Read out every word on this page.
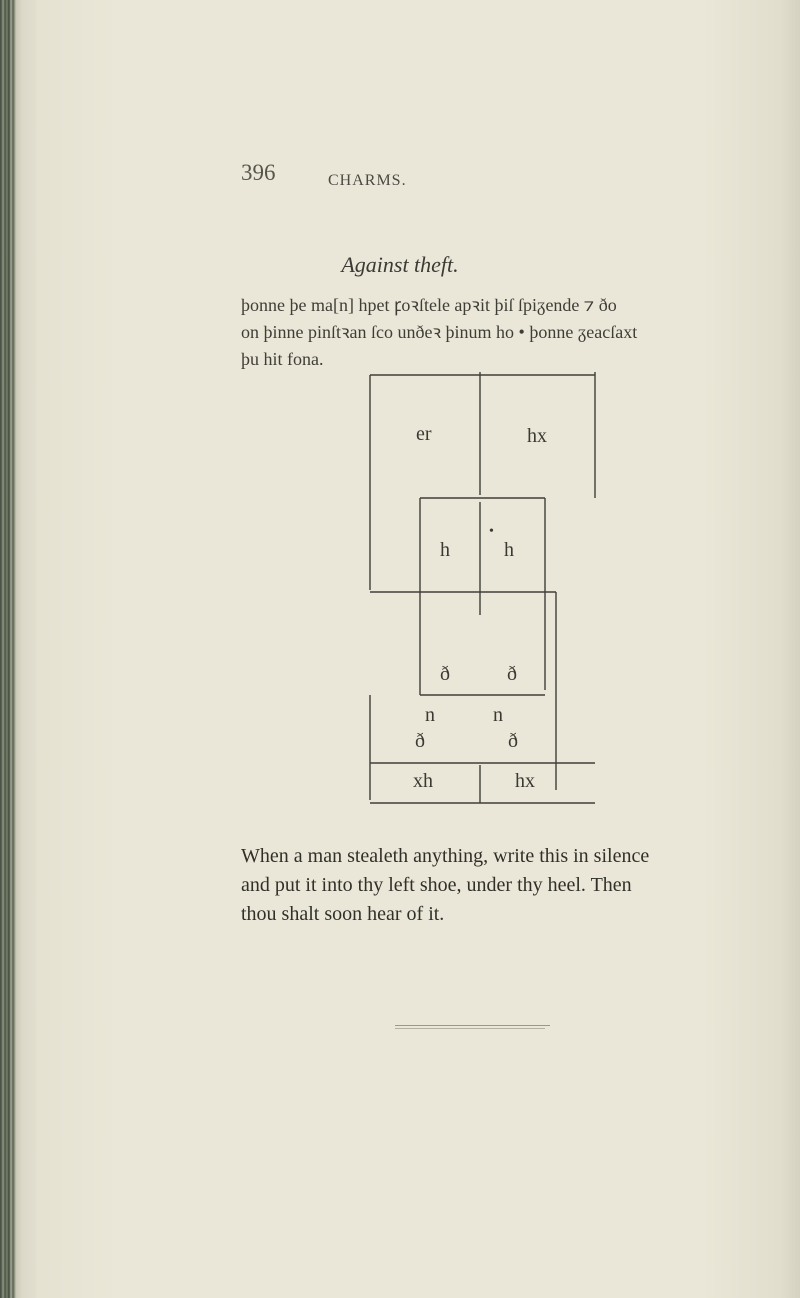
396	CHARMS.
Against theft.
þonne þe ma[n] hpet ꝼoꝛſtele apꝛit þiſ ſpiᵹende ⁊ ðo
on þinne pinſtꝛan ſco unðeꝛ þinum ho • þonne ᵹeacſaxt
þu hit fona.
er	hx
h
•
h
ð	ð
n
ð
n
ð
xh	hx
When a man stealeth anything, write this in silence
and put it into thy left shoe, under thy heel. Then
thou shalt soon hear of it.
